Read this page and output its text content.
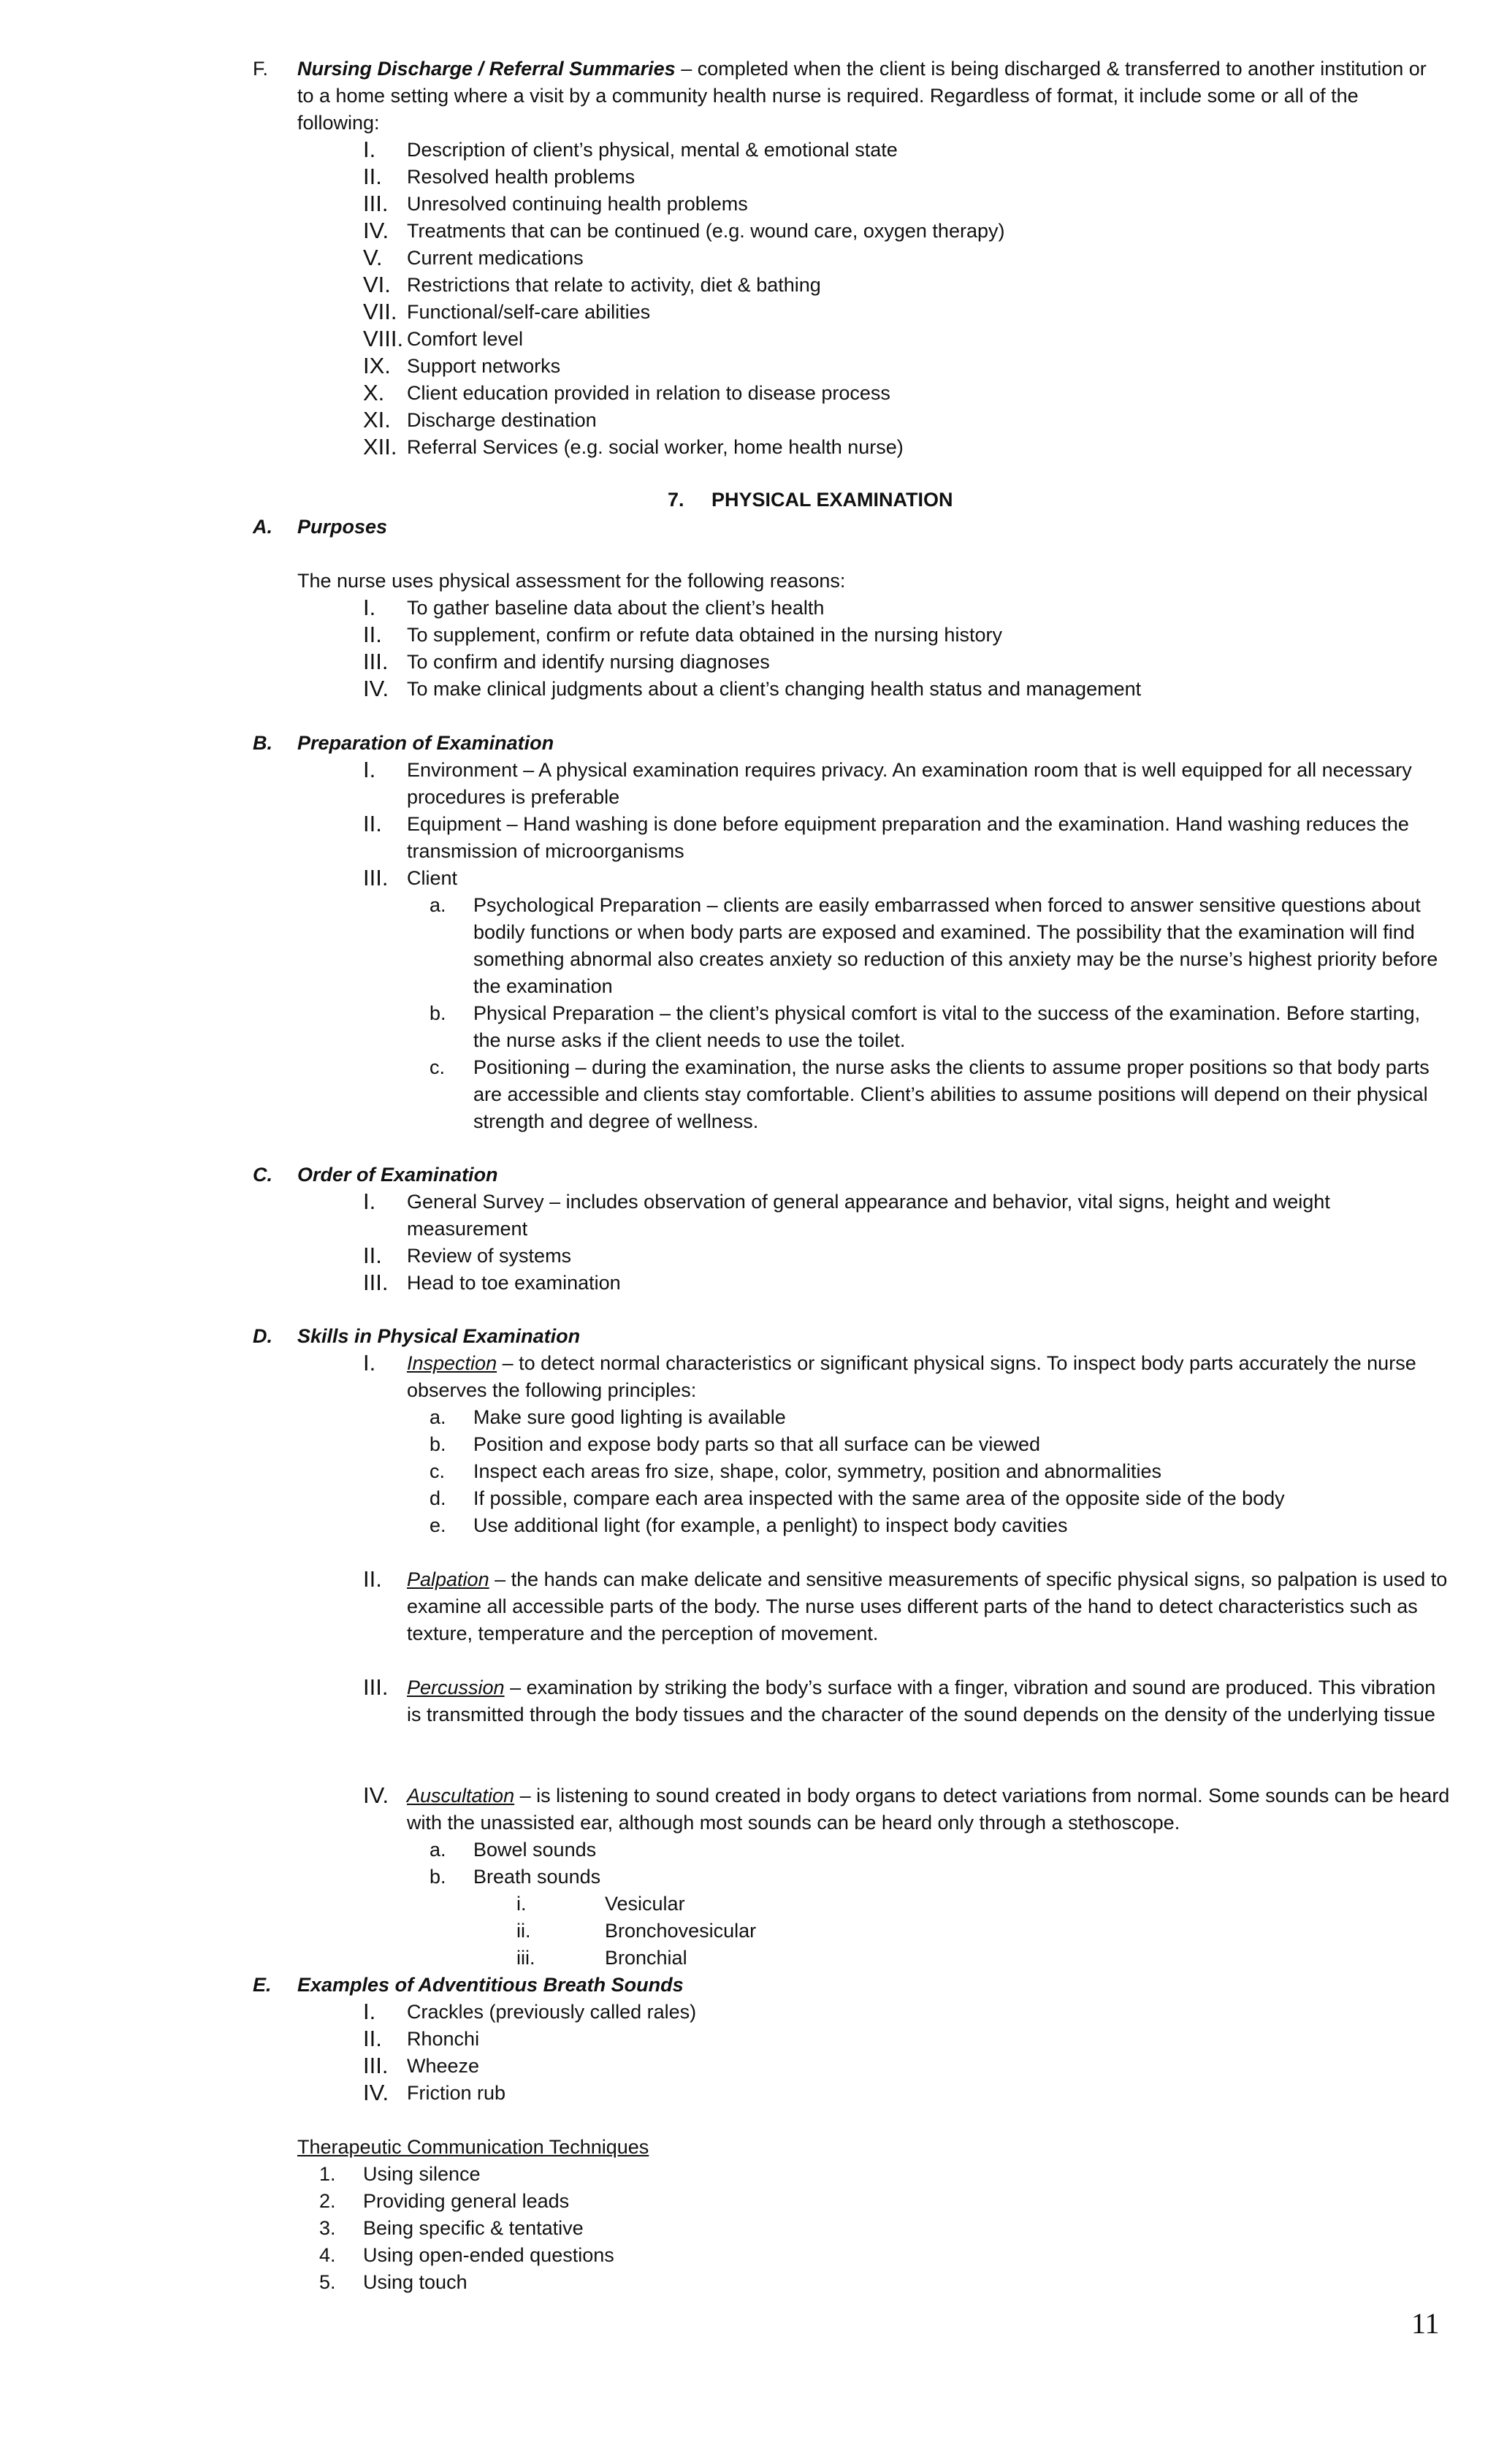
F. Nursing Discharge / Referral Summaries – completed when the client is being discharged & transferred to another institution or to a home setting where a visit by a community health nurse is required. Regardless of format, it include some or all of the following:
I. Description of client’s physical, mental & emotional state
II. Resolved health problems
III. Unresolved continuing health problems
IV. Treatments that can be continued (e.g. wound care, oxygen therapy)
V. Current medications
VI. Restrictions that relate to activity, diet & bathing
VII. Functional/self-care abilities
VIII. Comfort level
IX. Support networks
X. Client education provided in relation to disease process
XI. Discharge destination
XII. Referral Services (e.g. social worker, home health nurse)
7. PHYSICAL EXAMINATION
A. Purposes
The nurse uses physical assessment for the following reasons:
I. To gather baseline data about the client’s health
II. To supplement, confirm or refute data obtained in the nursing history
III. To confirm and identify nursing diagnoses
IV. To make clinical judgments about a client’s changing health status and management
B. Preparation of Examination
I. Environment – A physical examination requires privacy. An examination room that is well equipped for all necessary procedures is preferable
II. Equipment – Hand washing is done before equipment preparation and the examination. Hand washing reduces the transmission of microorganisms
III. Client
a. Psychological Preparation – clients are easily embarrassed when forced to answer sensitive questions about bodily functions or when body parts are exposed and examined. The possibility that the examination will find something abnormal also creates anxiety so reduction of this anxiety may be the nurse’s highest priority before the examination
b. Physical Preparation – the client’s physical comfort is vital to the success of the examination. Before starting, the nurse asks if the client needs to use the toilet.
c. Positioning – during the examination, the nurse asks the clients to assume proper positions so that body parts are accessible and clients stay comfortable. Client’s abilities to assume positions will depend on their physical strength and degree of wellness.
C. Order of Examination
I. General Survey – includes observation of general appearance and behavior, vital signs, height and weight measurement
II. Review of systems
III. Head to toe examination
D. Skills in Physical Examination
I. Inspection – to detect normal characteristics or significant physical signs. To inspect body parts accurately the nurse observes the following principles:
a. Make sure good lighting is available
b. Position and expose body parts so that all surface can be viewed
c. Inspect each areas fro size, shape, color, symmetry, position and abnormalities
d. If possible, compare each area inspected with the same area of the opposite side of the body
e. Use additional light (for example, a penlight) to inspect body cavities
II. Palpation – the hands can make delicate and sensitive measurements of specific physical signs, so palpation is used to examine all accessible parts of the body. The nurse uses different parts of the hand to detect characteristics such as texture, temperature and the perception of movement.
III. Percussion – examination by striking the body’s surface with a finger, vibration and sound are produced. This vibration is transmitted through the body tissues and the character of the sound depends on the density of the underlying tissue
IV. Auscultation – is listening to sound created in body organs to detect variations from normal. Some sounds can be heard with the unassisted ear, although most sounds can be heard only through a stethoscope.
a. Bowel sounds
b. Breath sounds
i.	Vesicular
ii.	Bronchovesicular
iii.	Bronchial
E. Examples of Adventitious Breath Sounds
I. Crackles (previously called rales)
II. Rhonchi
III. Wheeze
IV. Friction rub
Therapeutic Communication Techniques
1. Using silence
2. Providing general leads
3. Being specific & tentative
4. Using open-ended questions
5. Using touch
11
